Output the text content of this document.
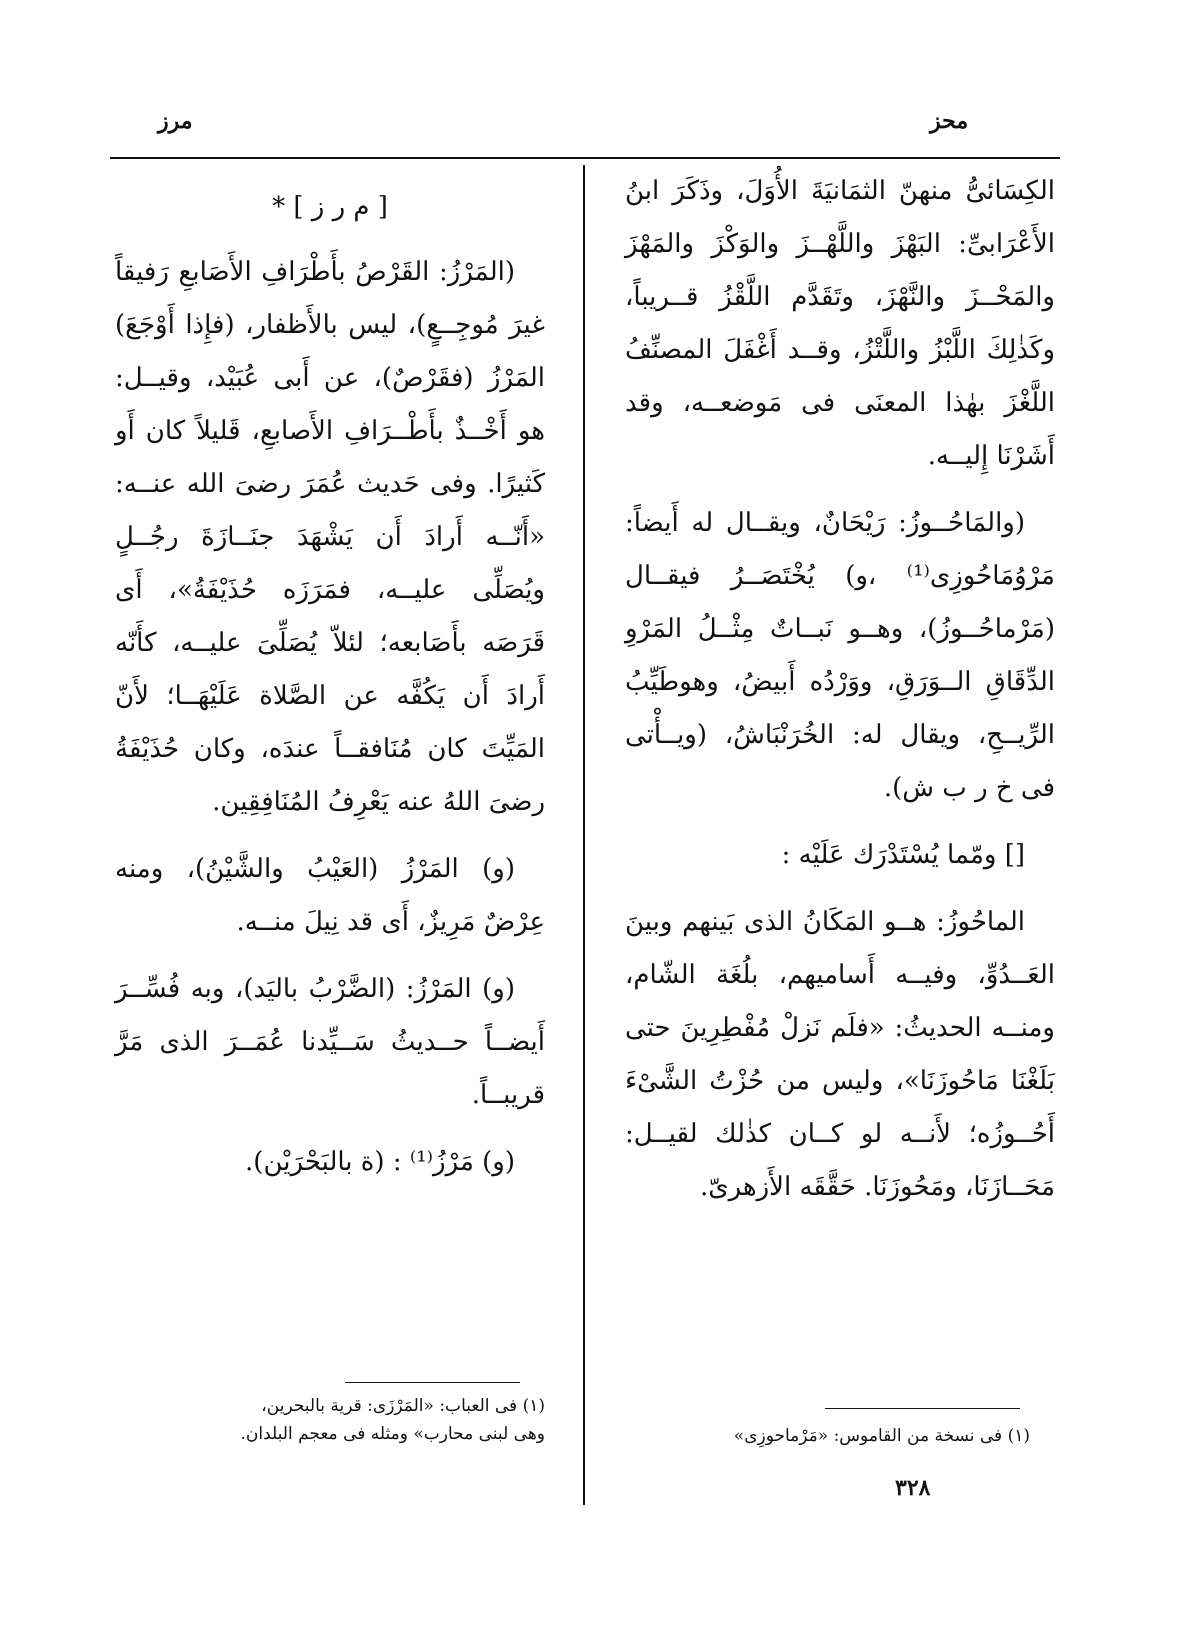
محز
مرز

الكِسَائىُّ منهنّ الثمَانيَةَ الأُوَلَ، وذَكَرَ ابنُ الأَعْرَابىِّ: البَهْزَ واللَّهْــزَ والوَكْزَ والمَهْزَ والمَحْــزَ والنَّهْزَ، وتَقَدَّم اللَّقْزُ قــريباً، وكَذٰلِكَ اللَّبْزُ واللَّتْزُ، وقــد أَغْفَلَ المصنِّفُ اللَّغْزَ بهٰذا المعنَى فى مَوضعــه، وقد أَشَرْنَا إِليــه.

(والمَاحُــوزُ: رَيْحَانٌ، ويقــال له أَيضاً: مَرْوُمَاحُوزِى⁽¹⁾ ،و) يُخْتَصَــرُ فيقــال (مَرْماحُــوزُ)، وهــو نَبــاتٌ مِثْــلُ المَرْوِ الدِّقَاقِ الــوَرَقِ، ووَرْدُه أَبيضُ، وهوطَيِّبُ الرِّيــحِ، ويقال له: الخُرَنْبَاشُ، (ويــأْتى فى خ ر ب ش).

[] ومّما يُسْتَدْرَك عَلَيْه :

الماحُوزُ: هــو المَكَانُ الذى بَينهم وبينَ العَــدُوِّ، وفيــه أَساميهم، بلُغَة الشّام، ومنــه الحديثُ: «فلَم نَزلْ مُفْطِرِينَ حتى بَلَغْنَا مَاحُوزَنَا»، وليس من حُزْتُ الشَّىْءَ أَحُــوزُه؛ لأَنــه لو كــان كذٰلك لقيــل: مَحَــازَنَا، ومَحُوزَنَا. حَقَّقَه الأَزهرىّ.

[ م ر ز ] *

(المَرْزُ: القَرْصُ بأَطْرَافِ الأَصَابعِ رَفيقاً غيرَ مُوجِــعٍ)، ليس بالأَظفار، (فإِذا أَوْجَعَ) المَرْزُ (فقَرْصٌ)، عن أَبى عُبَيْد، وقيــل: هو أَخْــذٌ بأَطْــرَافِ الأَصابعِ، قَليلاً كان أَو كَثيرًا. وفى حَديث عُمَرَ رضىَ الله عنــه: «أَنّــه أَرادَ أَن يَشْهَدَ جنَــازَةَ رجُــلٍ ويُصَلِّى عليــه، فمَرَزَه حُذَيْفَةُ»، أَى قَرَصَه بأَصَابعه؛ لئلاّ يُصَلِّىَ عليــه، كأَنّه أَرادَ أَن يَكُفَّه عن الصَّلاة عَلَيْهَــا؛ لأَنّ المَيِّتَ كان مُنَافقــاً عندَه، وكان حُذَيْفَةُ رضىَ اللهُ عنه يَعْرِفُ المُنَافِقِين.

(و) المَرْزُ (العَيْبُ والشَّيْنُ)، ومنه عِرْضٌ مَرِيزٌ، أَى قد نِيلَ منــه.

(و) المَرْزُ: (الضَّرْبُ باليَد)، وبه فُسِّــرَ أَيضــاً حــديثُ سَــيِّدنا عُمَــرَ الذى مَرَّ قريبــاً.

(و) مَرْزُ⁽¹⁾ : (ة بالبَحْرَيْن).

(١) فى نسخة من القاموس: «مَرْماحوزِى»
(١) فى العباب: «المَرْزَى: قرية بالبحرين،
وهى لبنى محارب» ومثله فى معجم البلدان.
٣٢٨
